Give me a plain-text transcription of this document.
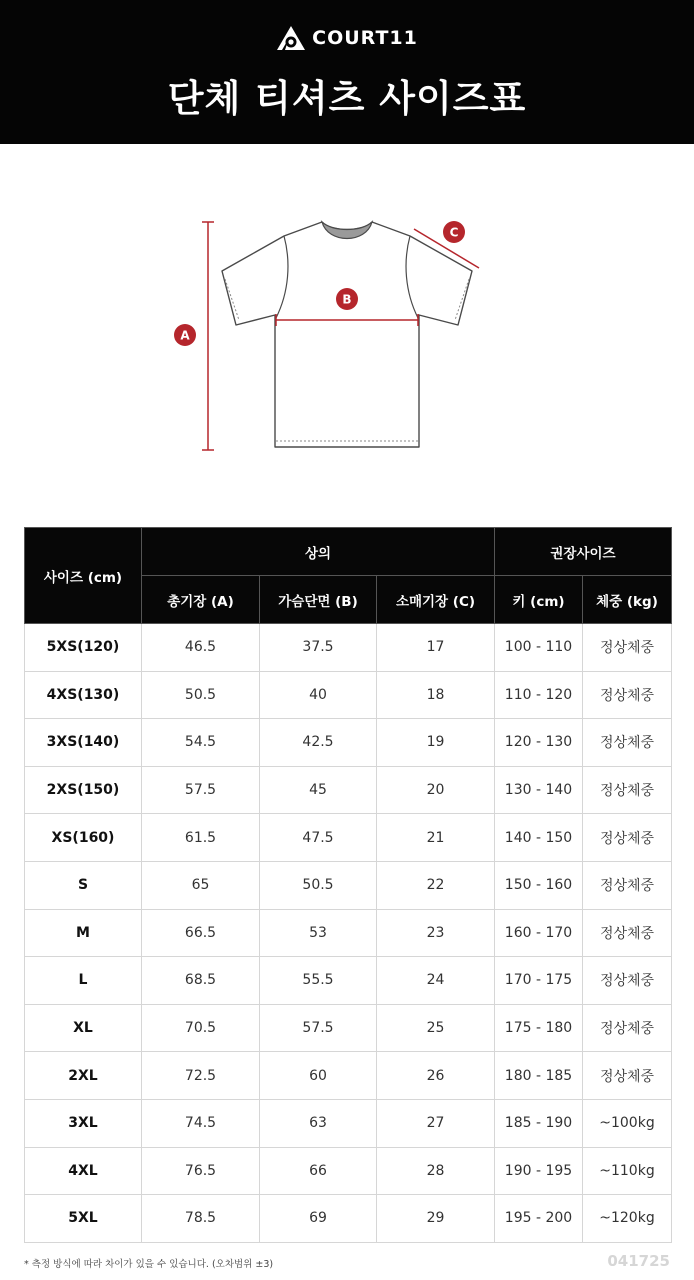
COURT11
단체 티셔츠 사이즈표
A
B
C
사이즈 (cm)	상의			권장사이즈	
	총기장 (A)	가슴단면 (B)	소매기장 (C)	키 (cm)	체중 (kg)
5XS(120)	46.5	37.5	17	100 - 110	정상체중
4XS(130)	50.5	40	18	110 - 120	정상체중
3XS(140)	54.5	42.5	19	120 - 130	정상체중
2XS(150)	57.5	45	20	130 - 140	정상체중
XS(160)	61.5	47.5	21	140 - 150	정상체중
S	65	50.5	22	150 - 160	정상체중
M	66.5	53	23	160 - 170	정상체중
L	68.5	55.5	24	170 - 175	정상체중
XL	70.5	57.5	25	175 - 180	정상체중
2XL	72.5	60	26	180 - 185	정상체중
3XL	74.5	63	27	185 - 190	~100kg
4XL	76.5	66	28	190 - 195	~110kg
5XL	78.5	69	29	195 - 200	~120kg
* 측정 방식에 따라 차이가 있을 수 있습니다. (오차범위 ±3)	041725
